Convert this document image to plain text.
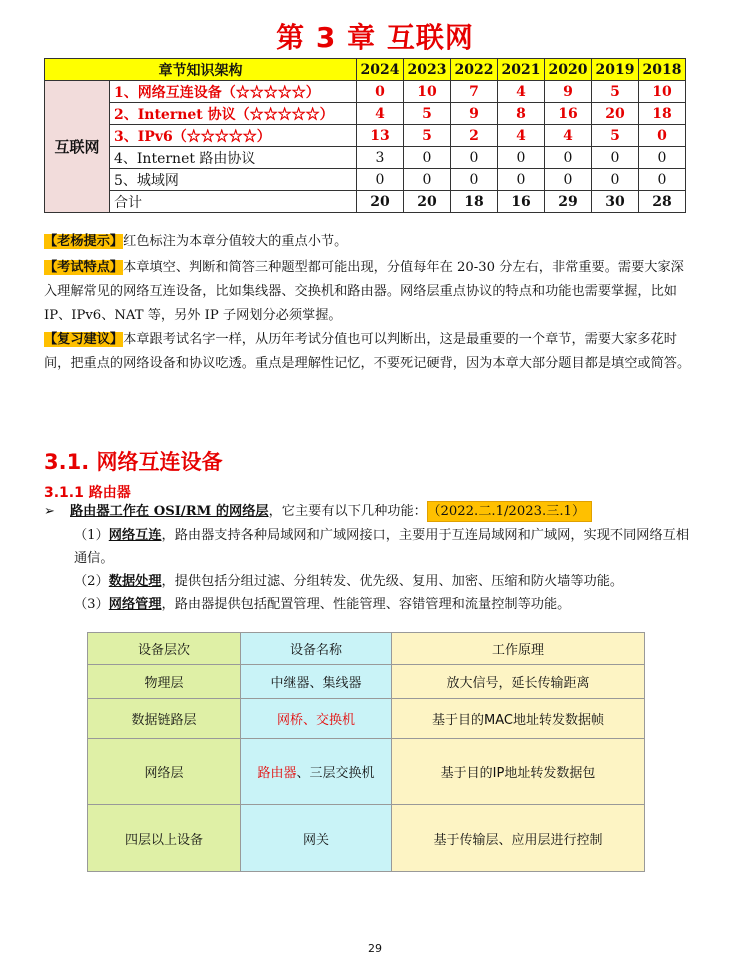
第 3 章 互联网
章节知识架构		2024	2023	2022	2021	2020	2019	2018
互联网	1、网络互连设备（☆☆☆☆☆）	0	10	7	4	9	5	10
	2、Internet 协议（☆☆☆☆☆）	4	5	9	8	16	20	18
	3、IPv6（☆☆☆☆☆）	13	5	2	4	4	5	0
	4、Internet 路由协议	3	0	0	0	0	0	0
	5、城域网	0	0	0	0	0	0	0
	合计	20	20	18	16	29	30	28
【老杨提示】红色标注为本章分值较大的重点小节。
【考试特点】本章填空、判断和简答三种题型都可能出现，分值每年在 20-30 分左右，非常重要。需要大家深入理解常见的网络互连设备，比如集线器、交换机和路由器。网络层重点协议的特点和功能也需要掌握，比如 IP、IPv6、NAT 等，另外 IP 子网划分必须掌握。
【复习建议】本章跟考试名字一样，从历年考试分值也可以判断出，这是最重要的一个章节，需要大家多花时间，把重点的网络设备和协议吃透。重点是理解性记忆，不要死记硬背，因为本章大部分题目都是填空或简答。
3.1. 网络互连设备
3.1.1 路由器
➢ 路由器工作在 OSI/RM 的网络层，它主要有以下几种功能： （2022.二.1/2023.三.1）
（1）网络互连，路由器支持各种局域网和广域网接口，主要用于互连局域网和广域网，实现不同网络互相通信。
（2）数据处理，提供包括分组过滤、分组转发、优先级、复用、加密、压缩和防火墙等功能。
（3）网络管理，路由器提供包括配置管理、性能管理、容错管理和流量控制等功能。
设备层次	设备名称	工作原理
物理层	中继器、集线器	放大信号，延长传输距离
数据链路层	网桥、交换机	基于目的MAC地址转发数据帧
网络层	路由器、三层交换机	基于目的IP地址转发数据包
四层以上设备	网关	基于传输层、应用层进行控制
29
